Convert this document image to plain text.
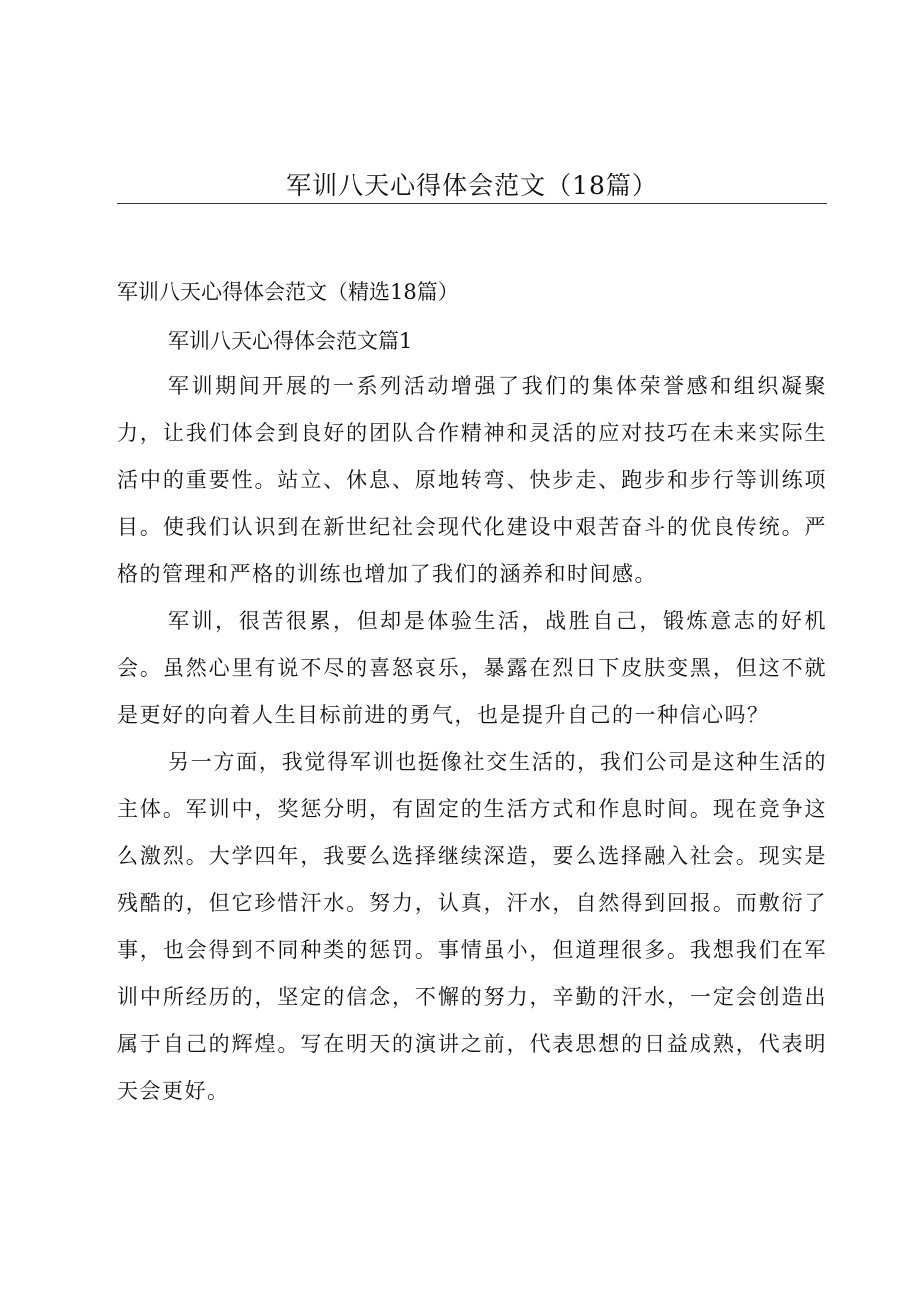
军训八天心得体会范文（18篇）
军训八天心得体会范文（精选18篇）
军训八天心得体会范文篇1

军训期间开展的一系列活动增强了我们的集体荣誉感和组织凝聚力，让我们体会到良好的团队合作精神和灵活的应对技巧在未来实际生活中的重要性。站立、休息、原地转弯、快步走、跑步和步行等训练项目。使我们认识到在新世纪社会现代化建设中艰苦奋斗的优良传统。严格的管理和严格的训练也增加了我们的涵养和时间感。

军训，很苦很累，但却是体验生活，战胜自己，锻炼意志的好机会。虽然心里有说不尽的喜怒哀乐，暴露在烈日下皮肤变黑，但这不就是更好的向着人生目标前进的勇气，也是提升自己的一种信心吗？

另一方面，我觉得军训也挺像社交生活的，我们公司是这种生活的主体。军训中，奖惩分明，有固定的生活方式和作息时间。现在竞争这么激烈。大学四年，我要么选择继续深造，要么选择融入社会。现实是残酷的，但它珍惜汗水。努力，认真，汗水，自然得到回报。而敷衍了事，也会得到不同种类的惩罚。事情虽小，但道理很多。我想我们在军训中所经历的，坚定的信念，不懈的努力，辛勤的汗水，一定会创造出属于自己的辉煌。写在明天的演讲之前，代表思想的日益成熟，代表明天会更好。
